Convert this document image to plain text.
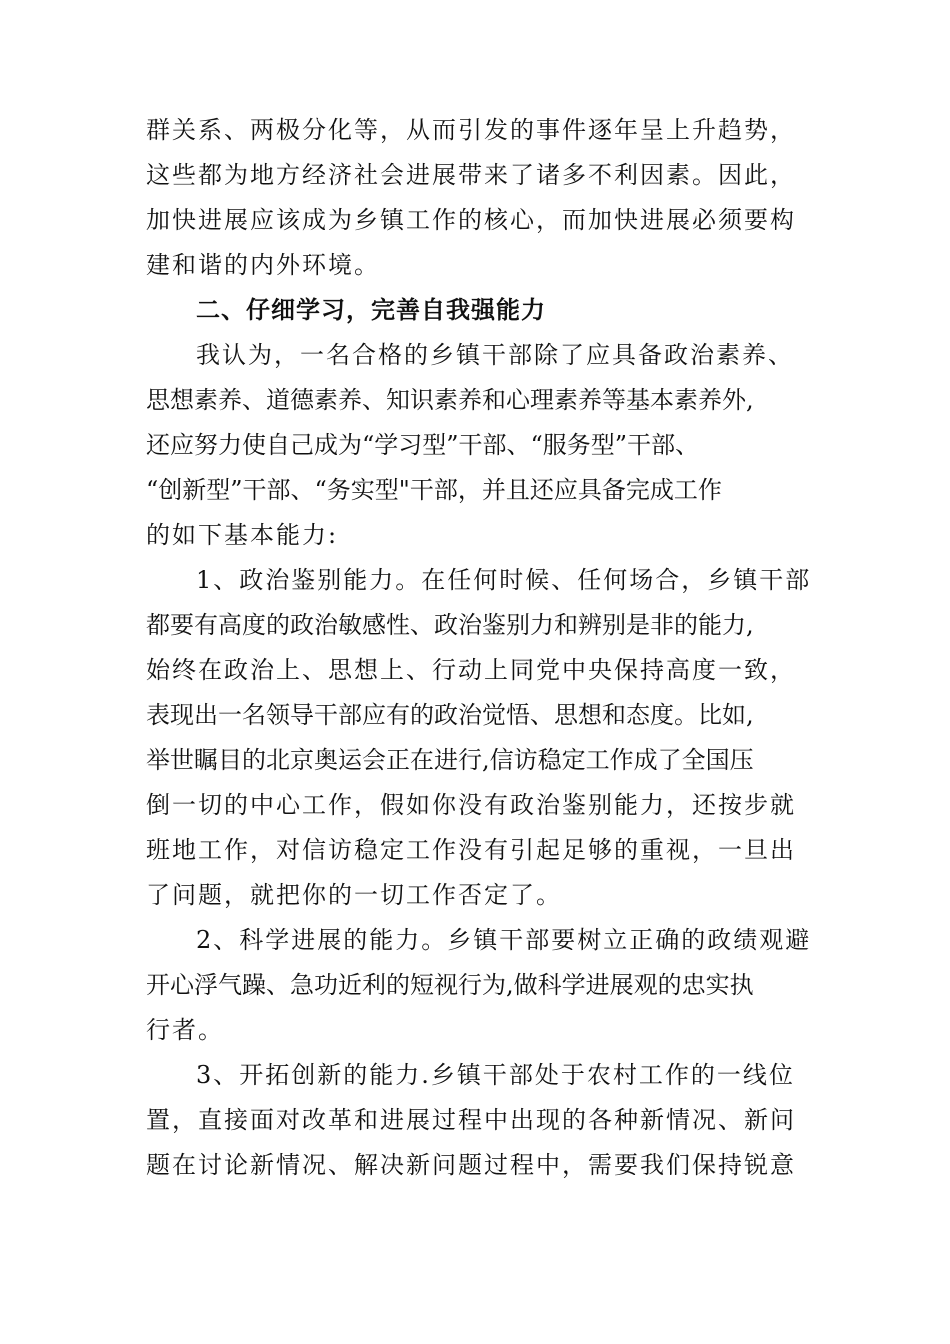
群关系、两极分化等，从而引发的事件逐年呈上升趋势，
这些都为地方经济社会进展带来了诸多不利因素。因此，
加快进展应该成为乡镇工作的核心，而加快进展必须要构
建和谐的内外环境。
二、仔细学习，完善自我强能力
我认为，一名合格的乡镇干部除了应具备政治素养、
思想素养、道德素养、知识素养和心理素养等基本素养外,
还应努力使自己成为“学习型”干部、“服务型”干部、
“创新型”干部、“务实型"干部，并且还应具备完成工作
的如下基本能力:
1、政治鉴别能力。在任何时候、任何场合，乡镇干部
都要有高度的政治敏感性、政治鉴别力和辨别是非的能力,
始终在政治上、思想上、行动上同党中央保持高度一致，
表现出一名领导干部应有的政治觉悟、思想和态度。比如,
举世瞩目的北京奥运会正在进行,信访稳定工作成了全国压
倒一切的中心工作，假如你没有政治鉴别能力，还按步就
班地工作，对信访稳定工作没有引起足够的重视，一旦出
了问题，就把你的一切工作否定了。
2、科学进展的能力。乡镇干部要树立正确的政绩观避
开心浮气躁、急功近利的短视行为,做科学进展观的忠实执
行者。
3、开拓创新的能力.乡镇干部处于农村工作的一线位
置，直接面对改革和进展过程中出现的各种新情况、新问
题在讨论新情况、解决新问题过程中，需要我们保持锐意
